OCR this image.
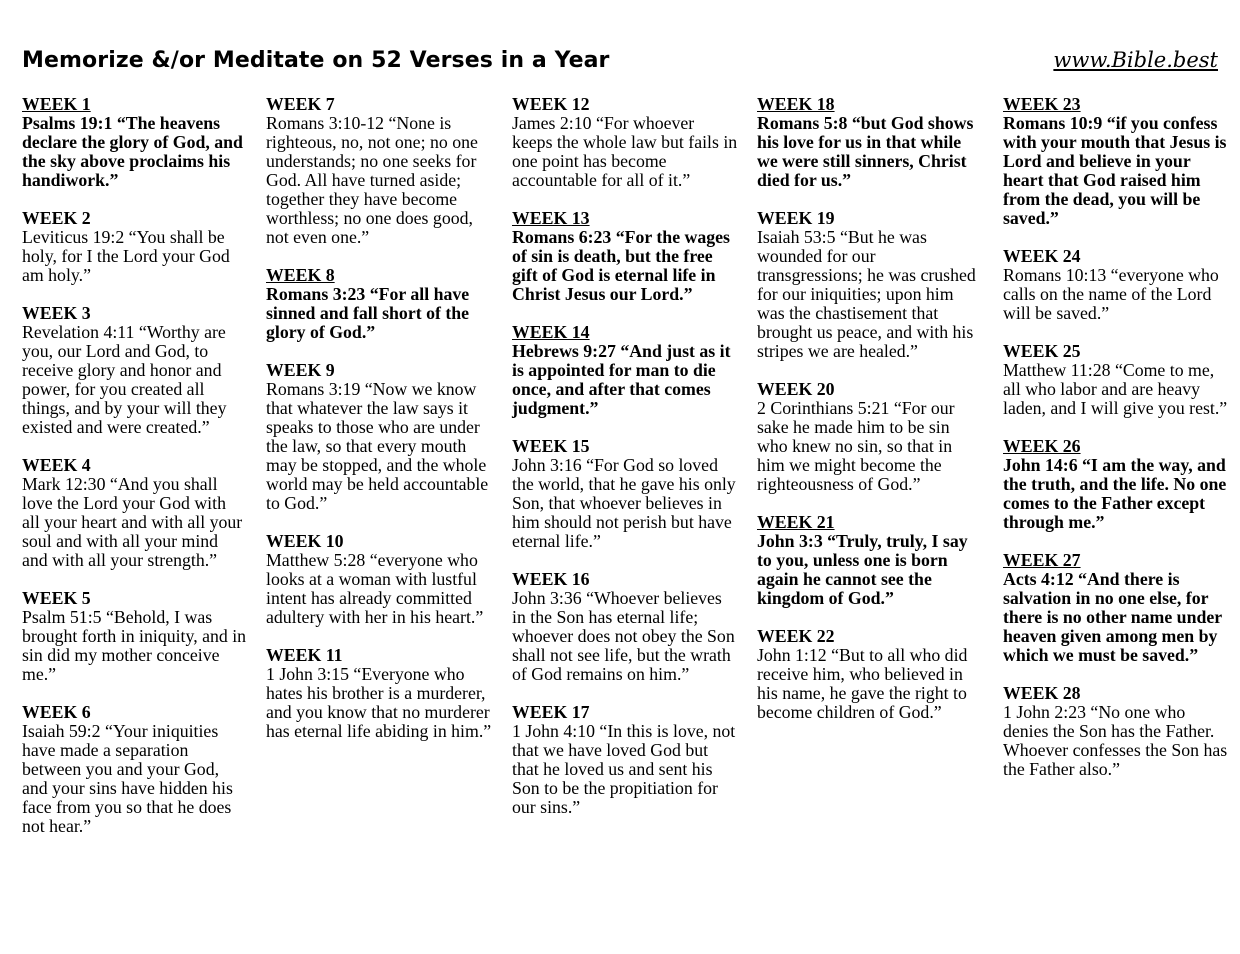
Memorize &/or Meditate on 52 Verses in a Year	www.Bible.best
WEEK 1
Psalms 19:1 “The heavens declare the glory of God, and the sky above proclaims his handiwork.”
WEEK 2
Leviticus 19:2 “You shall be holy, for I the Lord your God am holy.”
WEEK 3
Revelation 4:11 “Worthy are you, our Lord and God, to receive glory and honor and power, for you created all things, and by your will they existed and were created.”
WEEK 4
Mark 12:30 “And you shall love the Lord your God with all your heart and with all your soul and with all your mind and with all your strength.”
WEEK 5
Psalm 51:5 “Behold, I was brought forth in iniquity, and in sin did my mother conceive me.”
WEEK 6
Isaiah 59:2 “Your iniquities have made a separation between you and your God, and your sins have hidden his face from you so that he does not hear.”
WEEK 7
Romans 3:10-12 “None is righteous, no, not one; no one understands; no one seeks for God. All have turned aside; together they have become worthless; no one does good, not even one.”
WEEK 8
Romans 3:23 “For all have sinned and fall short of the glory of God.”
WEEK 9
Romans 3:19 “Now we know that whatever the law says it speaks to those who are under the law, so that every mouth may be stopped, and the whole world may be held accountable to God.”
WEEK 10
Matthew 5:28 “everyone who looks at a woman with lustful intent has already committed adultery with her in his heart.”
WEEK 11
1 John 3:15 “Everyone who hates his brother is a murderer, and you know that no murderer has eternal life abiding in him.”
WEEK 12
James 2:10 “For whoever keeps the whole law but fails in one point has become accountable for all of it.”
WEEK 13
Romans 6:23 “For the wages of sin is death, but the free gift of God is eternal life in Christ Jesus our Lord.”
WEEK 14
Hebrews 9:27 “And just as it is appointed for man to die once, and after that comes judgment.”
WEEK 15
John 3:16 “For God so loved the world, that he gave his only Son, that whoever believes in him should not perish but have eternal life.”
WEEK 16
John 3:36 “Whoever believes in the Son has eternal life; whoever does not obey the Son shall not see life, but the wrath of God remains on him.”
WEEK 17
1 John 4:10 “In this is love, not that we have loved God but that he loved us and sent his Son to be the propitiation for our sins.”
WEEK 18
Romans 5:8 “but God shows his love for us in that while we were still sinners, Christ died for us.”
WEEK 19
Isaiah 53:5 “But he was wounded for our transgressions; he was crushed for our iniquities; upon him was the chastisement that brought us peace, and with his stripes we are healed.”
WEEK 20
2 Corinthians 5:21 “For our sake he made him to be sin who knew no sin, so that in him we might become the righteousness of God.”
WEEK 21
John 3:3 “Truly, truly, I say to you, unless one is born again he cannot see the kingdom of God.”
WEEK 22
John 1:12 “But to all who did receive him, who believed in his name, he gave the right to become children of God.”
WEEK 23
Romans 10:9 “if you confess with your mouth that Jesus is Lord and believe in your heart that God raised him from the dead, you will be saved.”
WEEK 24
Romans 10:13 “everyone who calls on the name of the Lord will be saved.”
WEEK 25
Matthew 11:28 “Come to me, all who labor and are heavy laden, and I will give you rest.”
WEEK 26
John 14:6 “I am the way, and the truth, and the life. No one comes to the Father except through me.”
WEEK 27
Acts 4:12 “And there is salvation in no one else, for there is no other name under heaven given among men by which we must be saved.”
WEEK 28
1 John 2:23 “No one who denies the Son has the Father. Whoever confesses the Son has the Father also.”
